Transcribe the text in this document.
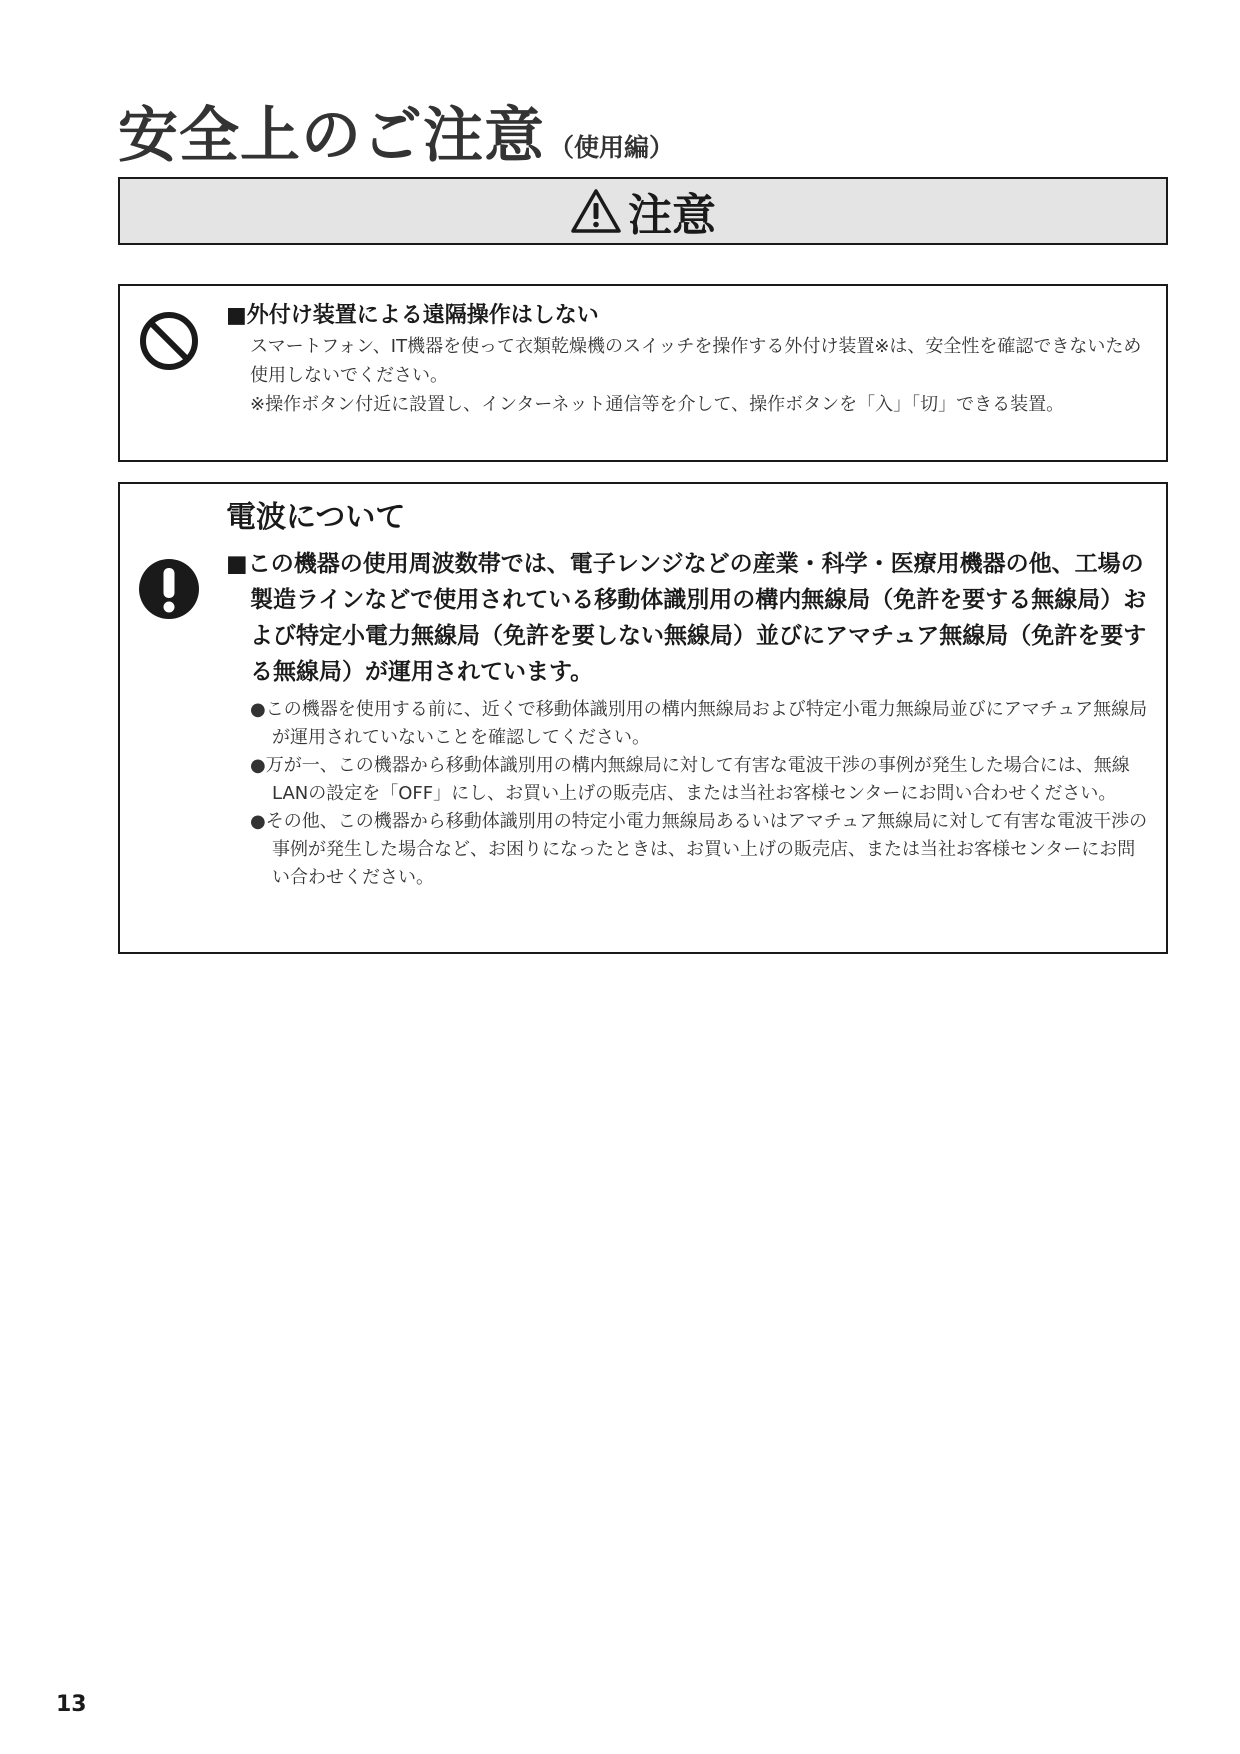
安全上のご注意 （使用編）
注意
■外付け装置による遠隔操作はしない
スマートフォン、IT機器を使って衣類乾燥機のスイッチを操作する外付け装置※は、安全性を確認できないため使用しないでください。
※操作ボタン付近に設置し、インターネット通信等を介して、操作ボタンを「入」「切」できる装置。
電波について
■この機器の使用周波数帯では、電子レンジなどの産業・科学・医療用機器の他、工場の製造ラインなどで使用されている移動体識別用の構内無線局（免許を要する無線局）および特定小電力無線局（免許を要しない無線局）並びにアマチュア無線局（免許を要する無線局）が運用されています。
●この機器を使用する前に、近くで移動体識別用の構内無線局および特定小電力無線局並びにアマチュア無線局が運用されていないことを確認してください。
●万が一、この機器から移動体識別用の構内無線局に対して有害な電波干渉の事例が発生した場合には、無線LANの設定を「OFF」にし、お買い上げの販売店、または当社お客様センターにお問い合わせください。
●その他、この機器から移動体識別用の特定小電力無線局あるいはアマチュア無線局に対して有害な電波干渉の事例が発生した場合など、お困りになったときは、お買い上げの販売店、または当社お客様センターにお問い合わせください。
13
